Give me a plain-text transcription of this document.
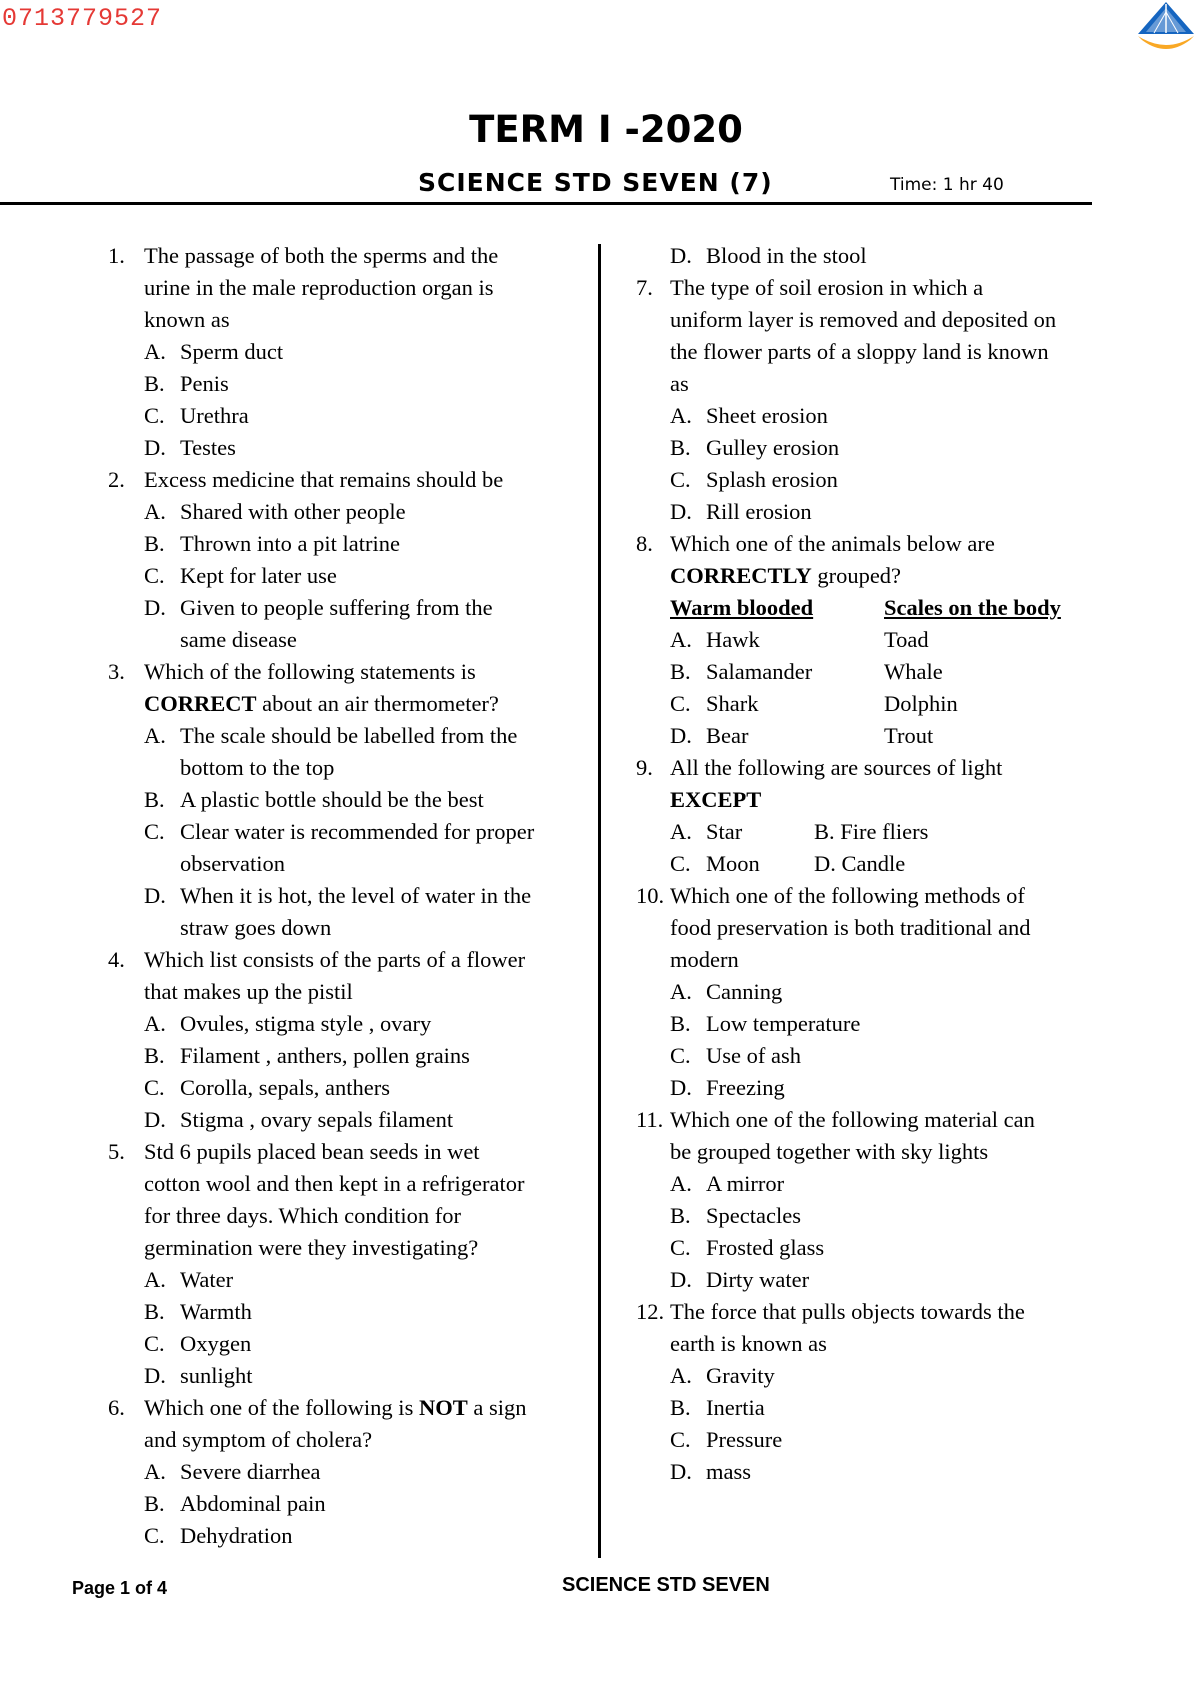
0713779527
TERM I -2020
SCIENCE STD SEVEN (7)	Time: 1 hr 40
1. The passage of both the sperms and the
urine in the male reproduction organ is
known as
A. Sperm duct
B. Penis
C. Urethra
D. Testes
2. Excess medicine that remains should be
A. Shared with other people
B. Thrown into a pit latrine
C. Kept for later use
D. Given to people suffering from the
same disease
3. Which of the following statements is
CORRECT about an air thermometer?
A. The scale should be labelled from the
bottom to the top
B. A plastic bottle should be the best
C. Clear water is recommended for proper
observation
D. When it is hot, the level of water in the
straw goes down
4. Which list consists of the parts of a flower
that makes up the pistil
A. Ovules, stigma style , ovary
B. Filament , anthers, pollen grains
C. Corolla, sepals, anthers
D. Stigma , ovary sepals filament
5. Std 6 pupils placed bean seeds in wet
cotton wool and then kept in a refrigerator
for three days. Which condition for
germination were they investigating?
A. Water
B. Warmth
C. Oxygen
D. sunlight
6. Which one of the following is NOT a sign
and symptom of cholera?
A. Severe diarrhea
B. Abdominal pain
C. Dehydration
D. Blood in the stool
7. The type of soil erosion in which a
uniform layer is removed and deposited on
the flower parts of a sloppy land is known
as
A. Sheet erosion
B. Gulley erosion
C. Splash erosion
D. Rill erosion
8. Which one of the animals below are
CORRECTLY grouped?
Warm blooded	Scales on the body
A. Hawk	Toad
B. Salamander	Whale
C. Shark	Dolphin
D. Bear	Trout
9. All the following are sources of light
EXCEPT
A. Star	B. Fire fliers
C. Moon D. Candle
10. Which one of the following methods of
food preservation is both traditional and
modern
A. Canning
B. Low temperature
C. Use of ash
D. Freezing
11. Which one of the following material can
be grouped together with sky lights
A. A mirror
B. Spectacles
C. Frosted glass
D. Dirty water
12. The force that pulls objects towards the
earth is known as
A. Gravity
B. Inertia
C. Pressure
D. mass
Page 1 of 4	SCIENCE STD SEVEN
